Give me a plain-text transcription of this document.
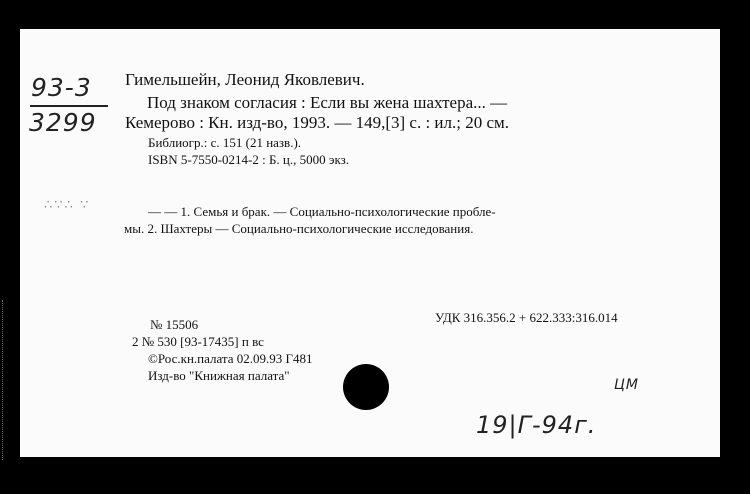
93-3
3299
Гимельшейн, Леонид Яковлевич.
Под знаком согласия : Если вы жена шахтера... —
Кемерово : Кн. изд-во, 1993. — 149,[3] с. : ил.; 20 см.
Библиогр.: с. 151 (21 назв.).
ISBN 5-7550-0214-2 : Б. ц., 5000 экз.
∴∵∴ ∵	— — 1. Семья и брак. — Социально-психологические пробле-
мы. 2. Шахтеры — Социально-психологические исследования.
№ 15506	УДК 316.356.2 + 622.333:316.014
2 № 530 [93-17435] п вс
©Рос.кн.палата 02.09.93 Г481
Изд-во "Книжная палата"
ЦМ
19|Г-94г.
